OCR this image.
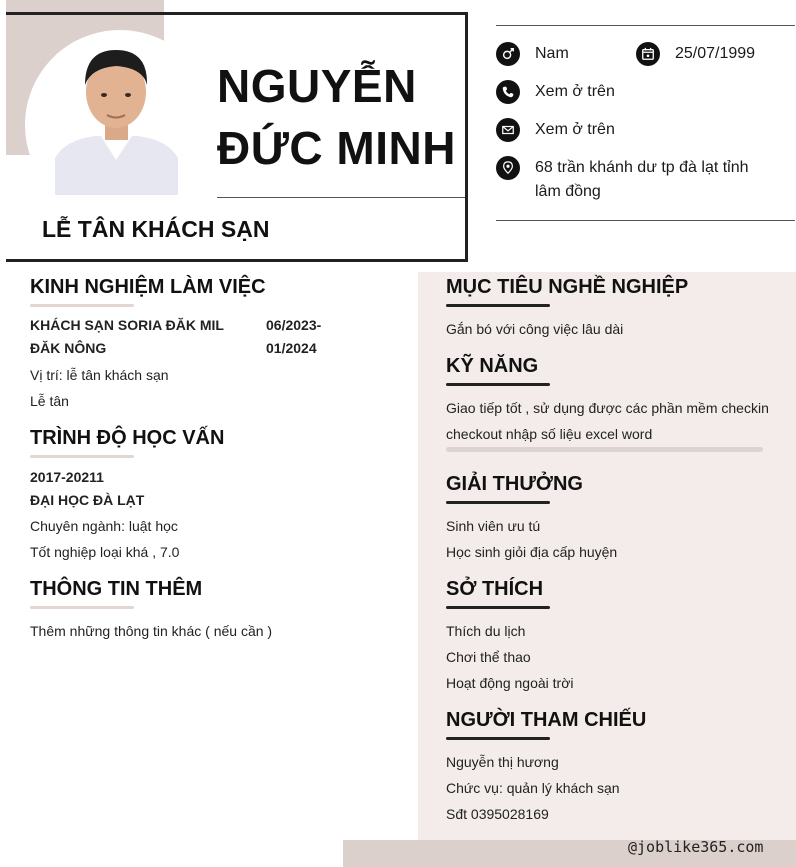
NGUYỄN
ĐỨC MINH
LỄ TÂN KHÁCH SẠN
Nam	25/07/1999
Xem ở trên
Xem ở trên
68 trần khánh dư tp đà lạt tỉnh lâm đồng
KINH NGHIỆM LÀM VIỆC
KHÁCH SẠN SORIA ĐĂK MIL ĐĂK NÔNG
06/2023- 01/2024
Vị trí: lễ tân khách sạn
Lễ tân
TRÌNH ĐỘ HỌC VẤN
2017-20211
ĐẠI HỌC ĐÀ LẠT
Chuyên ngành: luật học
Tốt nghiệp loại khá , 7.0
THÔNG TIN THÊM
Thêm những thông tin khác ( nếu cần )
MỤC TIÊU NGHỀ NGHIỆP
Gắn bó với công việc lâu dài
KỸ NĂNG
Giao tiếp tốt , sử dụng được các phần mềm checkin checkout nhập số liệu excel word
GIẢI THƯỞNG
Sinh viên ưu tú
Học sinh giỏi địa cấp huyện
SỞ THÍCH
Thích du lịch
Chơi thể thao
Hoạt động ngoài trời
NGƯỜI THAM CHIẾU
Nguyễn thị hương
Chức vụ: quản lý khách sạn
Sđt 0395028169
@joblike365.com
